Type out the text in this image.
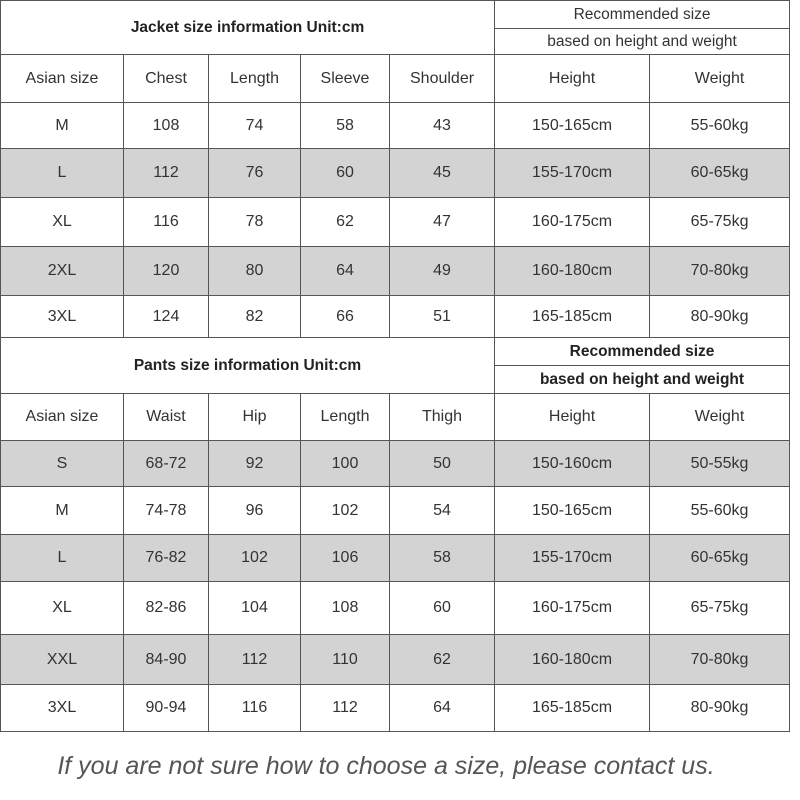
Jacket size information Unit:cm					Recommended size	
					based on height and weight	
Asian size	Chest	Length	Sleeve	Shoulder	Height	Weight
M	108	74	58	43	150-165cm	55-60kg
L	112	76	60	45	155-170cm	60-65kg
XL	116	78	62	47	160-175cm	65-75kg
2XL	120	80	64	49	160-180cm	70-80kg
3XL	124	82	66	51	165-185cm	80-90kg
Pants size information Unit:cm					Recommended size	
					based on height and weight	
Asian size	Waist	Hip	Length	Thigh	Height	Weight
S	68-72	92	100	50	150-160cm	50-55kg
M	74-78	96	102	54	150-165cm	55-60kg
L	76-82	102	106	58	155-170cm	60-65kg
XL	82-86	104	108	60	160-175cm	65-75kg
XXL	84-90	112	110	62	160-180cm	70-80kg
3XL	90-94	116	112	64	165-185cm	80-90kg
If you are not sure how to choose a size, please contact us.
